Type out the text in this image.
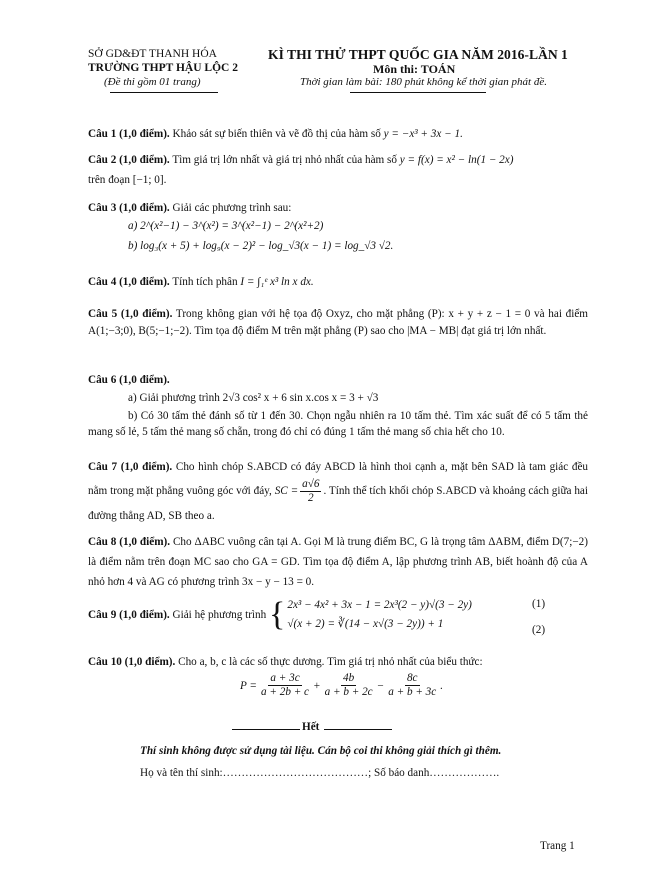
SỞ GD&ĐT THANH HÓA
TRƯỜNG THPT HẬU LỘC 2
(Đề thi gồm 01 trang)
KÌ THI THỬ THPT QUỐC GIA NĂM 2016-LẦN 1
Môn thi: TOÁN
Thời gian làm bài: 180 phút không kể thời gian phát đề.
Câu 1 (1,0 điểm). Khảo sát sự biến thiên và vẽ đồ thị của hàm số y = −x³ + 3x − 1.
Câu 2 (1,0 điểm). Tìm giá trị lớn nhất và giá trị nhỏ nhất của hàm số y = f(x) = x² − ln(1 − 2x)
trên đoạn [−1; 0].
Câu 3 (1,0 điểm). Giải các phương trình sau:
a) 2^(x²−1) − 3^(x²) = 3^(x²−1) − 2^(x²+2)
b) log₃(x + 5) + log₉(x − 2)² − log_√3(x − 1) = log_√3 √2.
Câu 4 (1,0 điểm). Tính tích phân I = ∫₁ᵉ x³ ln x dx.
Câu 5 (1,0 điểm). Trong không gian với hệ tọa độ Oxyz, cho mặt phẳng (P): x + y + z − 1 = 0 và hai điểm A(1;−3;0), B(5;−1;−2). Tìm tọa độ điểm M trên mặt phẳng (P) sao cho |MA − MB| đạt giá trị lớn nhất.
Câu 6 (1,0 điểm).
a) Giải phương trình 2√3 cos² x + 6 sin x.cos x = 3 + √3
b) Có 30 tấm thẻ đánh số từ 1 đến 30. Chọn ngẫu nhiên ra 10 tấm thẻ. Tìm xác suất để có 5 tấm thẻ mang số lẻ, 5 tấm thẻ mang số chẵn, trong đó chỉ có đúng 1 tấm thẻ mang số chia hết cho 10.
Câu 7 (1,0 điểm). Cho hình chóp S.ABCD có đáy ABCD là hình thoi cạnh a, mặt bên SAD là tam giác đều nằm trong mặt phẳng vuông góc với đáy, SC = $\frac{a√6}{2}$ . Tính thể tích khối chóp S.ABCD và khoảng cách giữa hai đường thẳng AD, SB theo a.
Câu 8 (1,0 điểm). Cho ΔABC vuông cân tại A. Gọi M là trung điểm BC, G là trọng tâm ΔABM, điểm D(7;−2) là điểm nằm trên đoạn MC sao cho GA = GD. Tìm tọa độ điểm A, lập phương trình AB, biết hoành độ của A nhỏ hơn 4 và AG có phương trình 3x − y − 13 = 0.
Câu 9 (1,0 điểm).
Giải hệ phương trình
{ 2x³ − 4x² + 3x − 1 = 2x³(2 − y)√(3 − 2y)
√(x + 2) = ∛(14 − x√(3 − 2y)) + 1
(1)
(2)
Câu 10 (1,0 điểm). Cho a, b, c là các số thực dương. Tìm giá trị nhỏ nhất của biểu thức:
$P = \frac{a + 3c}{a + 2b + c} + \frac{4b}{a + b + 2c} - \frac{8c}{a + b + 3c}$ .
Hết
Thí sinh không được sử dụng tài liệu. Cán bộ coi thi không giải thích gì thêm.
Họ và tên thí sinh:…………………………………; Số báo danh……………….
Trang 1
